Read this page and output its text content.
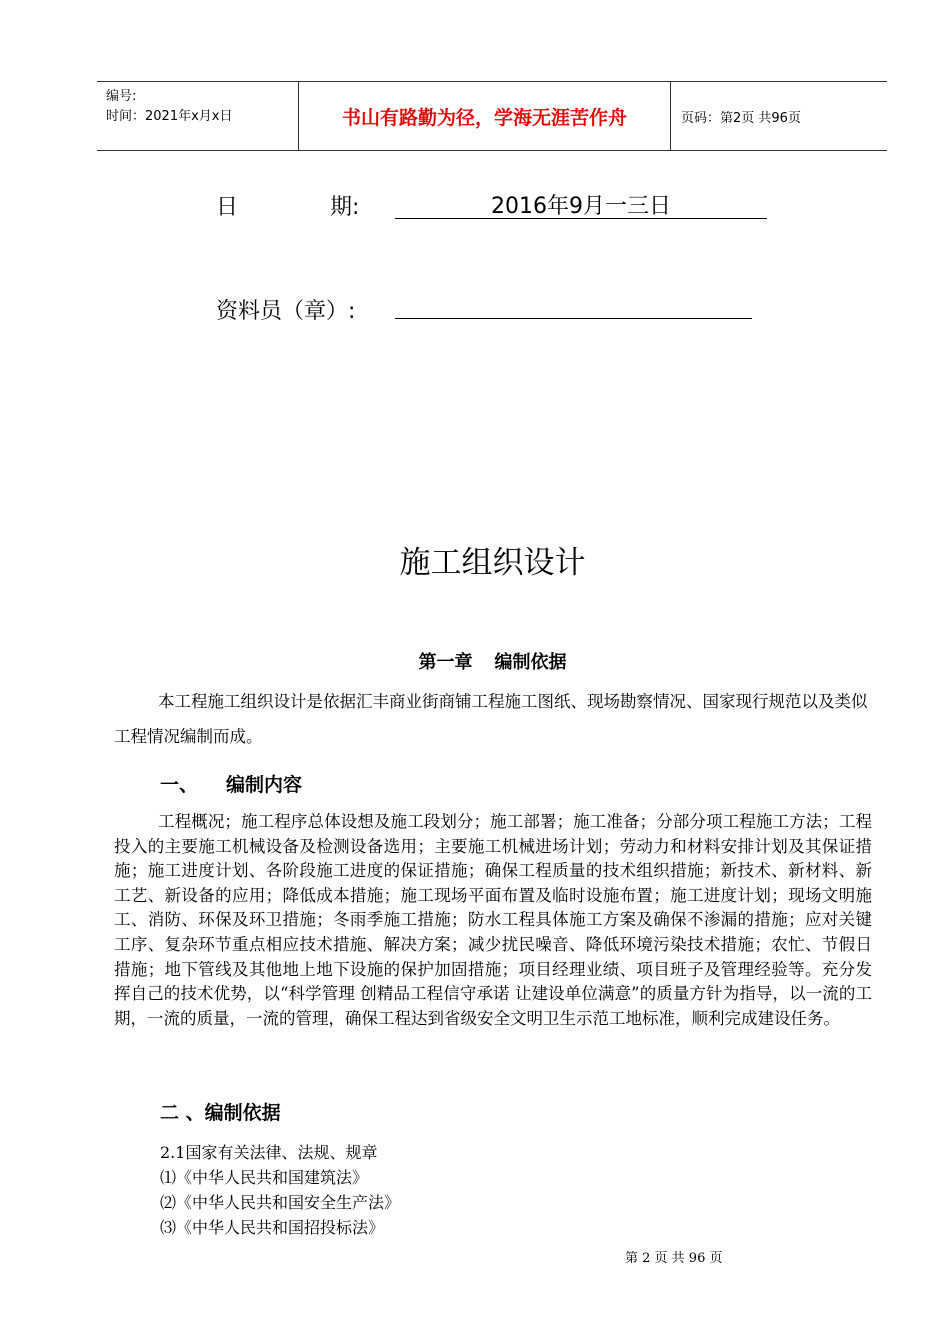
编号:
时间：2021年x月x日	书山有路勤为径，学海无涯苦作舟	页码：第2页 共96页
日	期:	2016年9月一三日
资料员（章）:
施工组织设计
第一章 编制依据
本工程施工组织设计是依据汇丰商业街商铺工程施工图纸、现场勘察情况、国家现行规范以及类似工程情况编制而成。
一、 编制内容
工程概况；施工程序总体设想及施工段划分；施工部署；施工准备；分部分项工程施工方法；工程投入的主要施工机械设备及检测设备选用；主要施工机械进场计划；劳动力和材料安排计划及其保证措施；施工进度计划、各阶段施工进度的保证措施；确保工程质量的技术组织措施；新技术、新材料、新工艺、新设备的应用；降低成本措施；施工现场平面布置及临时设施布置；施工进度计划；现场文明施工、消防、环保及环卫措施；冬雨季施工措施；防水工程具体施工方案及确保不渗漏的措施；应对关键工序、复杂环节重点相应技术措施、解决方案；减少扰民噪音、降低环境污染技术措施；农忙、节假日措施；地下管线及其他地上地下设施的保护加固措施；项目经理业绩、项目班子及管理经验等。充分发挥自己的技术优势，以“科学管理 创精品工程信守承诺 让建设单位满意”的质量方针为指导，以一流的工期，一流的质量，一流的管理，确保工程达到省级安全文明卫生示范工地标准，顺利完成建设任务。
二 、编制依据
2.1国家有关法律、法规、规章
⑴《中华人民共和国建筑法》
⑵《中华人民共和国安全生产法》
⑶《中华人民共和国招投标法》
第 2 页 共 96 页
